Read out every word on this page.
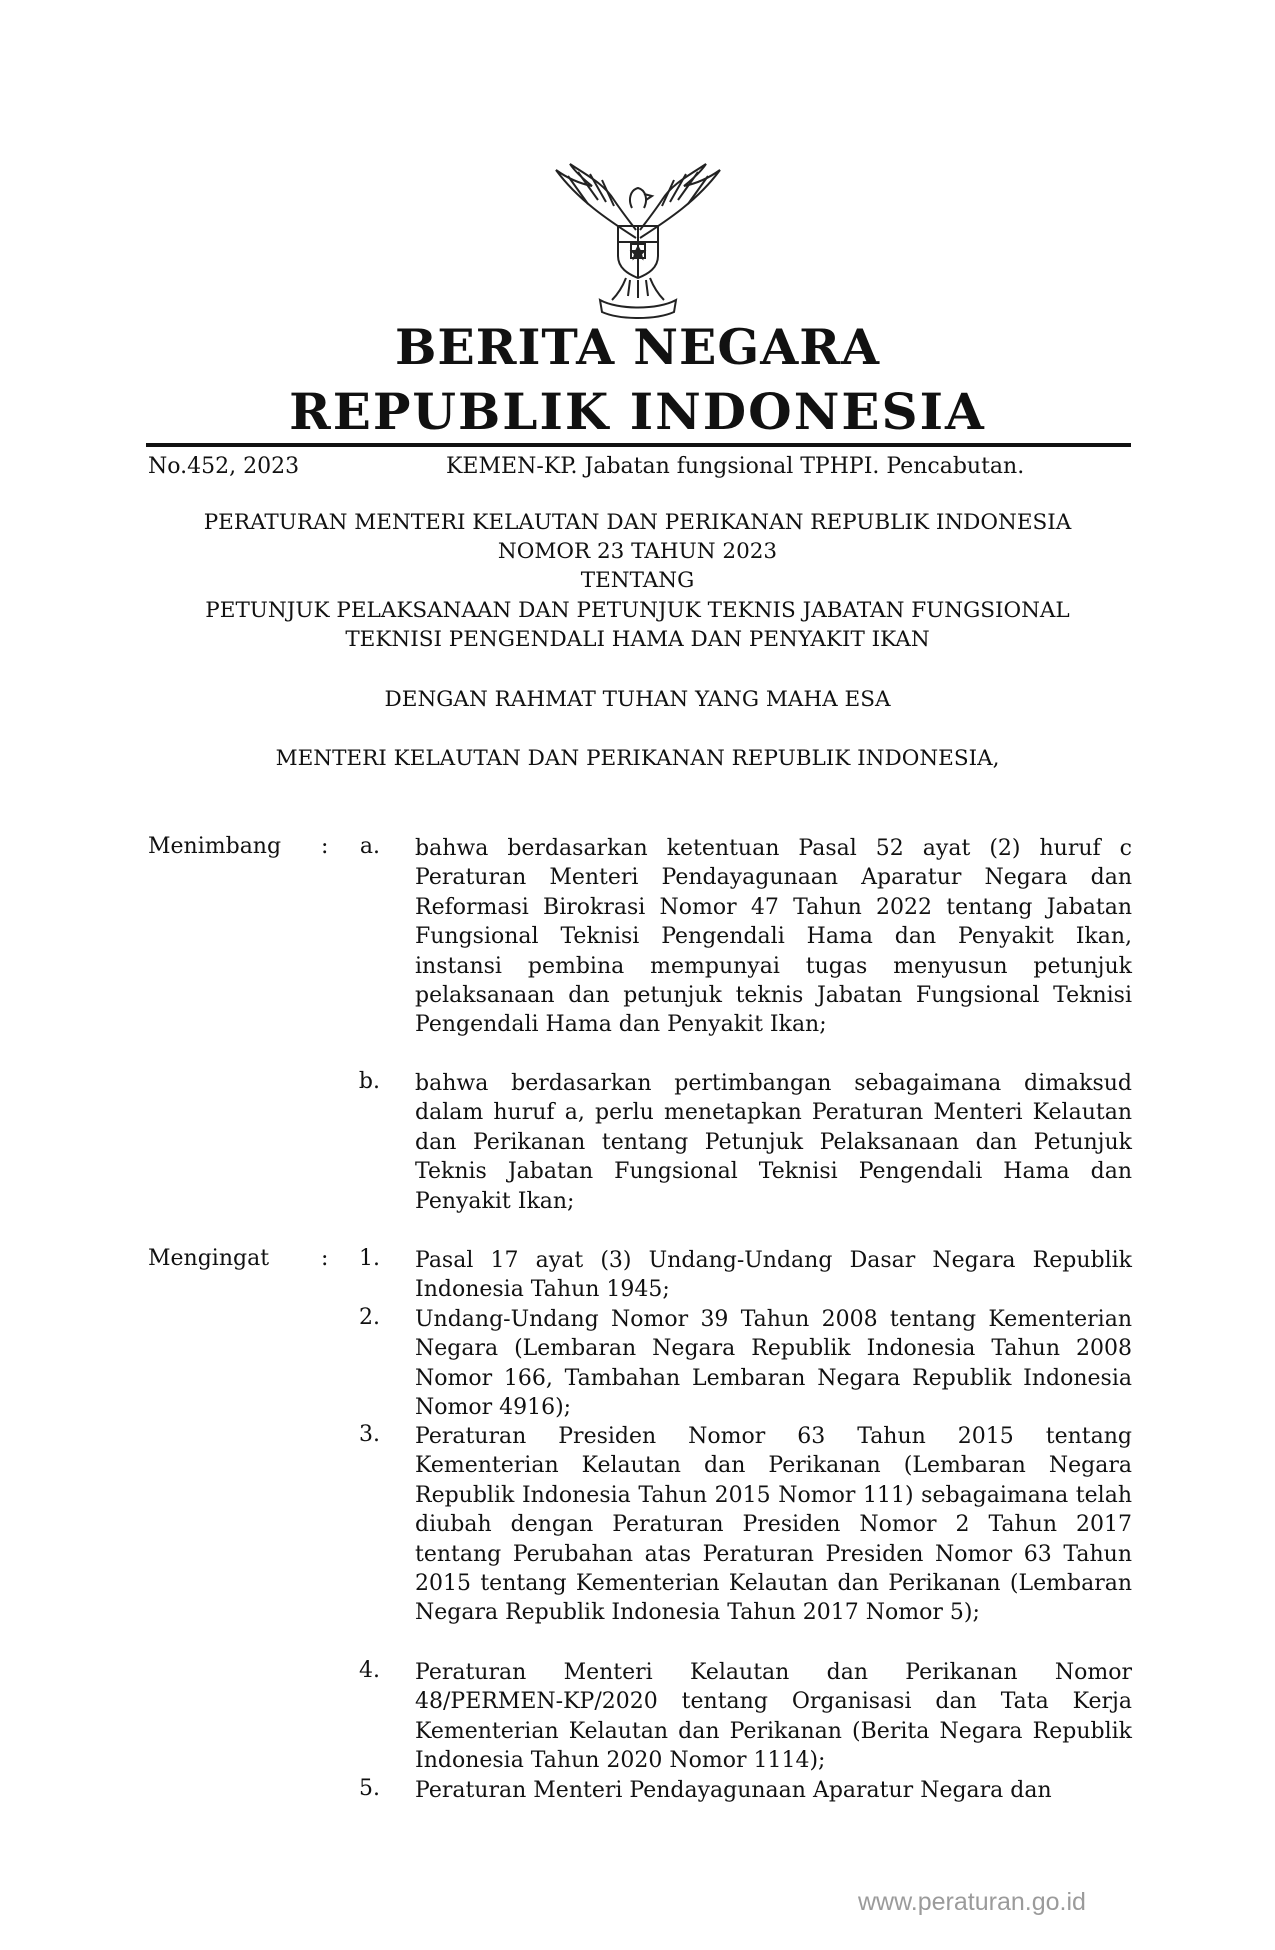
BERITA NEGARA
REPUBLIK INDONESIA
No.452, 2023	KEMEN-KP. Jabatan fungsional TPHPI. Pencabutan.
PERATURAN MENTERI KELAUTAN DAN PERIKANAN REPUBLIK INDONESIA
NOMOR 23 TAHUN 2023
TENTANG
PETUNJUK PELAKSANAAN DAN PETUNJUK TEKNIS JABATAN FUNGSIONAL
TEKNISI PENGENDALI HAMA DAN PENYAKIT IKAN
DENGAN RAHMAT TUHAN YANG MAHA ESA
MENTERI KELAUTAN DAN PERIKANAN REPUBLIK INDONESIA,
Menimbang :	a. bahwa berdasarkan ketentuan Pasal 52 ayat (2) huruf c Peraturan Menteri Pendayagunaan Aparatur Negara dan Reformasi Birokrasi Nomor 47 Tahun 2022 tentang Jabatan Fungsional Teknisi Pengendali Hama dan Penyakit Ikan, instansi pembina mempunyai tugas menyusun petunjuk pelaksanaan dan petunjuk teknis Jabatan Fungsional Teknisi Pengendali Hama dan Penyakit Ikan;
b. bahwa berdasarkan pertimbangan sebagaimana dimaksud dalam huruf a, perlu menetapkan Peraturan Menteri Kelautan dan Perikanan tentang Petunjuk Pelaksanaan dan Petunjuk Teknis Jabatan Fungsional Teknisi Pengendali Hama dan Penyakit Ikan;
Mengingat :	1. Pasal 17 ayat (3) Undang-Undang Dasar Negara Republik Indonesia Tahun 1945;
2. Undang-Undang Nomor 39 Tahun 2008 tentang Kementerian Negara (Lembaran Negara Republik Indonesia Tahun 2008 Nomor 166, Tambahan Lembaran Negara Republik Indonesia Nomor 4916);
3. Peraturan Presiden Nomor 63 Tahun 2015 tentang Kementerian Kelautan dan Perikanan (Lembaran Negara Republik Indonesia Tahun 2015 Nomor 111) sebagaimana telah diubah dengan Peraturan Presiden Nomor 2 Tahun 2017 tentang Perubahan atas Peraturan Presiden Nomor 63 Tahun 2015 tentang Kementerian Kelautan dan Perikanan (Lembaran Negara Republik Indonesia Tahun 2017 Nomor 5);
4. Peraturan Menteri Kelautan dan Perikanan Nomor 48/PERMEN-KP/2020 tentang Organisasi dan Tata Kerja Kementerian Kelautan dan Perikanan (Berita Negara Republik Indonesia Tahun 2020 Nomor 1114);
5. Peraturan Menteri Pendayagunaan Aparatur Negara dan
www.peraturan.go.id
